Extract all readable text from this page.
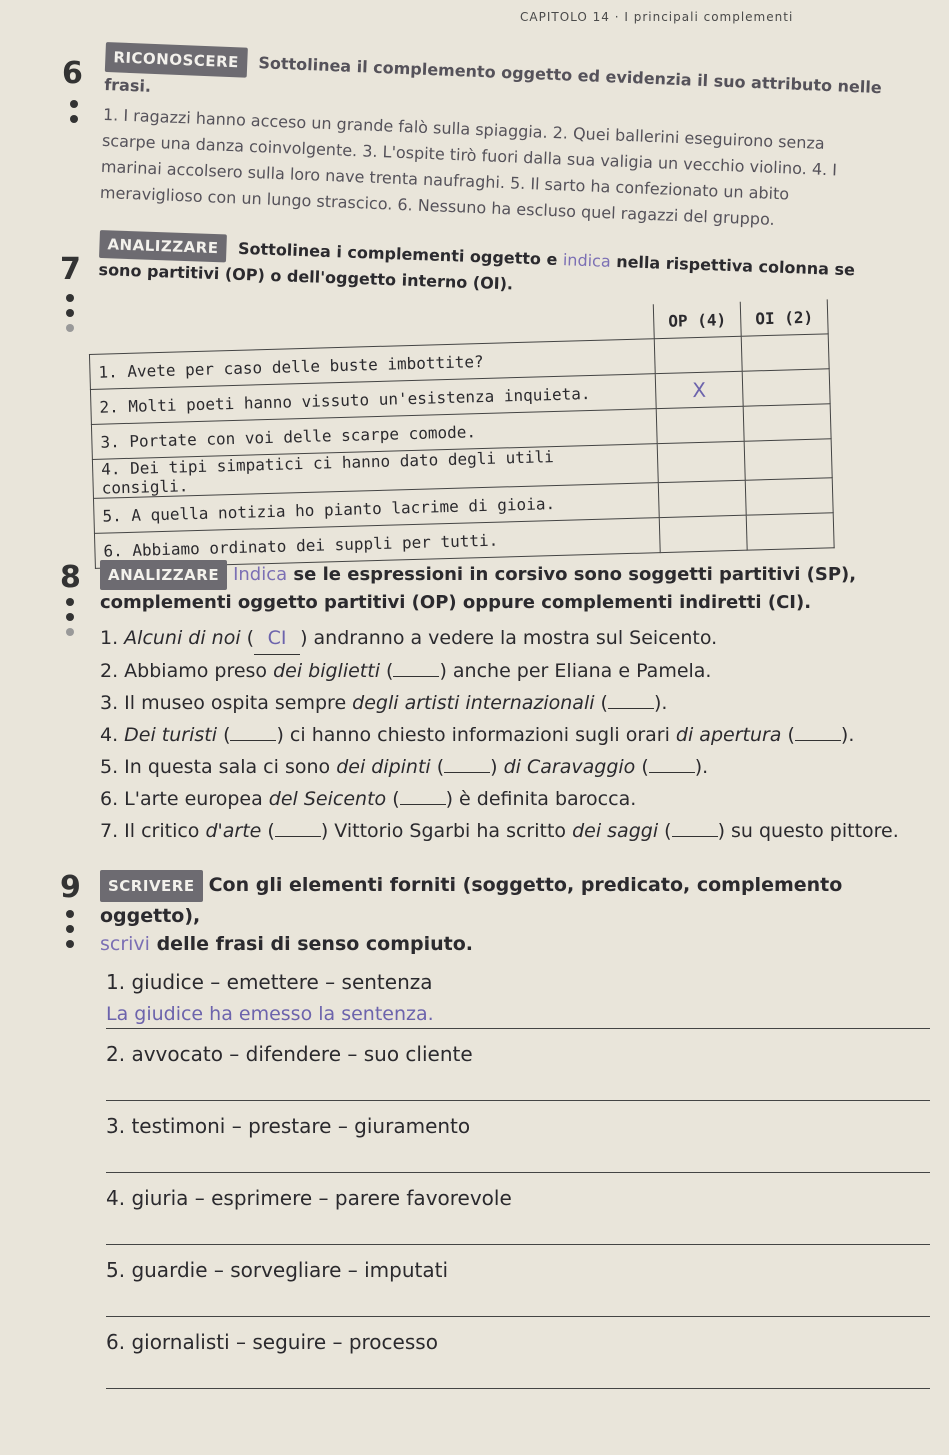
CAPITOLO 14 · I principali complementi
6	RICONOSCERE Sottolinea il complemento oggetto ed evidenzia il suo attributo nelle frasi.
1. I ragazzi hanno acceso un grande falò sulla spiaggia. 2. Quei ballerini eseguirono senza scarpe una danza coinvolgente. 3. L'ospite tirò fuori dalla sua valigia un vecchio violino. 4. I marinai accolsero sulla loro nave trenta naufraghi. 5. Il sarto ha confezionato un abito meraviglioso con un lungo strascico. 6. Nessuno ha escluso quel ragazzi del gruppo.
7
ANALIZZARE Sottolinea i complementi oggetto e indica nella rispettiva colonna se sono partitivi (OP) o dell'oggetto interno (OI).
	OP (4)	OI (2)
1. Avete per caso delle buste imbottite?		
2. Molti poeti hanno vissuto un'esistenza inquieta.	X	
3. Portate con voi delle scarpe comode.		
4. Dei tipi simpatici ci hanno dato degli utili consigli.		
5. A quella notizia ho pianto lacrime di gioia.		
6. Abbiamo ordinato dei suppli per tutti.		
8	ANALIZZARE Indica se le espressioni in corsivo sono soggetti partitivi (SP), complementi oggetto partitivi (OP) oppure complementi indiretti (CI).
1. Alcuni di noi ( CI ) andranno a vedere la mostra sul Seicento.
2. Abbiamo preso dei biglietti ( ) anche per Eliana e Pamela.
3. Il museo ospita sempre degli artisti internazionali ( ).
4. Dei turisti ( ) ci hanno chiesto informazioni sugli orari di apertura ( ).
5. In questa sala ci sono dei dipinti ( ) di Caravaggio ( ).
6. L'arte europea del Seicento ( ) è definita barocca.
7. Il critico d'arte ( ) Vittorio Sgarbi ha scritto dei saggi ( ) su questo pittore.
9	SCRIVERE Con gli elementi forniti (soggetto, predicato, complemento oggetto),
scrivi delle frasi di senso compiuto.
1. giudice – emettere – sentenza
La giudice ha emesso la sentenza.
2. avvocato – difendere – suo cliente
3. testimoni – prestare – giuramento
4. giuria – esprimere – parere favorevole
5. guardie – sorvegliare – imputati
6. giornalisti – seguire – processo
